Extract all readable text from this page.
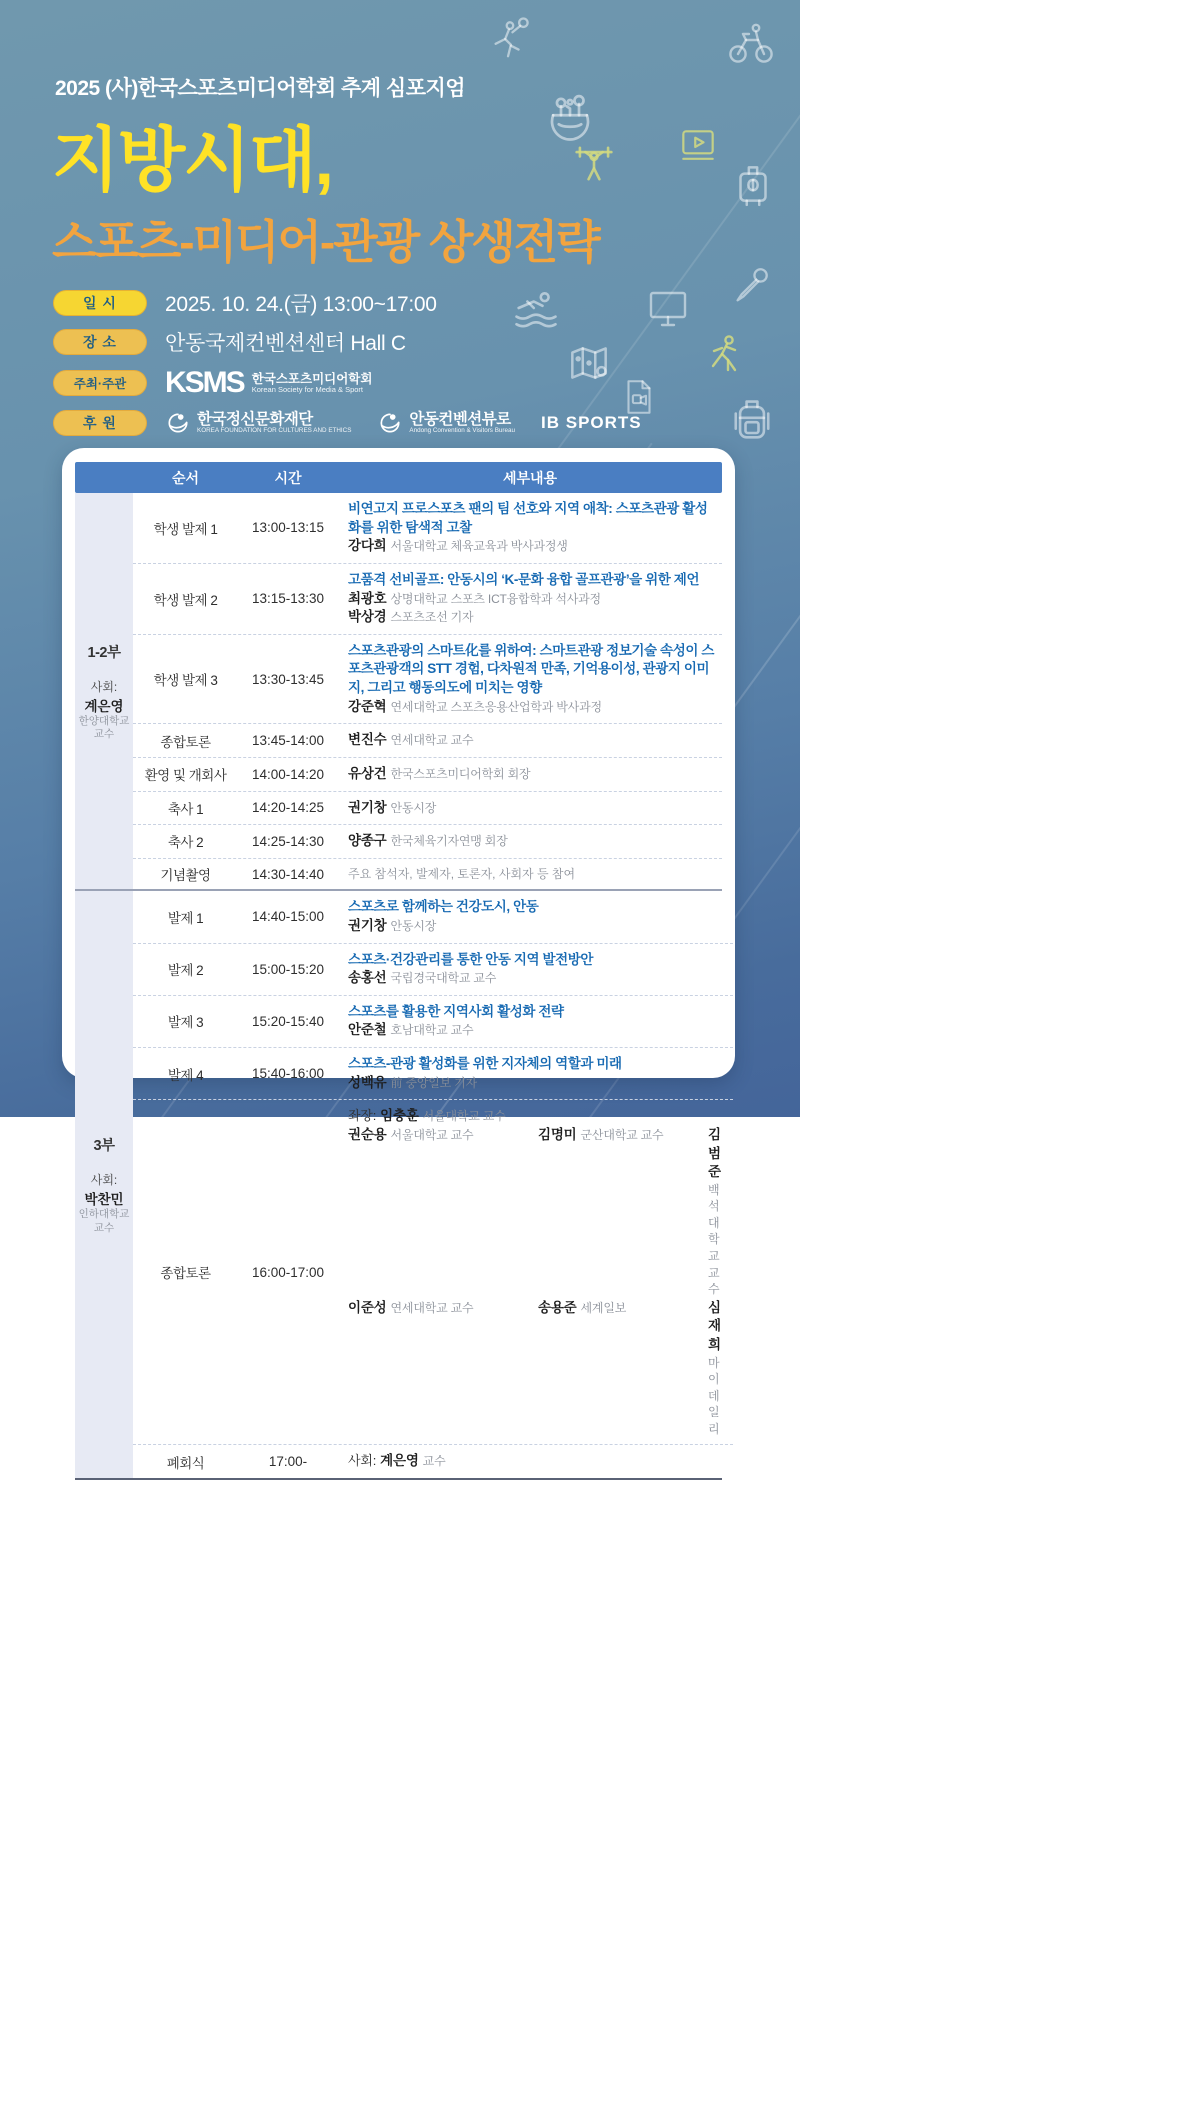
2025 (사)한국스포츠미디어학회 추계 심포지엄
지방시대,
스포츠-미디어-관광 상생전략
일 시	2025. 10. 24.(금) 13:00~17:00
장 소	안동국제컨벤션센터 Hall C
주최·주관	KSMS 한국스포츠미디어학회
Korean Society for Media & Sport
후 원	한국정신문화재단
KOREA FOUNDATION FOR CULTURES AND ETHICS
안동컨벤션뷰로
Andong Convention & Visitors Bureau IB SPORTS
순서	시간	세부내용
1-2부
사회:
계은영
한양대학교
교수
학생 발제 1	13:00-13:15
비연고지 프로스포츠 팬의 팀 선호와 지역 애착: 스포츠관광 활성화를 위한 탐색적 고찰
강다희 서울대학교 체육교육과 박사과정생
학생 발제 2	13:15-13:30
고품격 선비골프: 안동시의 ‘K-문화 융합 골프관광’을 위한 제언
최광호 상명대학교 스포츠 ICT융합학과 석사과정
박상경 스포츠조선 기자
학생 발제 3	13:30-13:45
스포츠관광의 스마트化를 위하여: 스마트관광 정보기술 속성이 스포츠관광객의 STT 경험, 다차원적 만족, 기억용이성, 관광지 이미지, 그리고 행동의도에 미치는 영향
강준혁 연세대학교 스포츠응용산업학과 박사과정
종합토론	13:45-14:00	변진수 연세대학교 교수
환영 및 개회사	14:00-14:20	유상건 한국스포츠미디어학회 회장
축사 1	14:20-14:25	권기창 안동시장
축사 2	14:25-14:30	양종구 한국체육기자연맹 회장
기념촬영	14:30-14:40	주요 참석자, 발제자, 토론자, 사회자 등 참여
3부
사회:
박찬민
인하대학교
교수
발제 1	14:40-15:00
스포츠로 함께하는 건강도시, 안동
권기창 안동시장
발제 2	15:00-15:20
스포츠·건강관리를 통한 안동 지역 발전방안
송홍선 국립경국대학교 교수
발제 3	15:20-15:40
스포츠를 활용한 지역사회 활성화 전략
안준철 호남대학교 교수
발제 4	15:40-16:00
스포츠-관광 활성화를 위한 지자체의 역할과 미래
성백유 前 중앙일보 기자
종합토론	16:00-17:00
좌장: 임충훈 서울대학교 교수
권순용 서울대학교 교수	김명미 군산대학교 교수	김범준백석대학교 교수
이준성 연세대학교 교수	송용준 세계일보	심재희마이데일리
폐회식	17:00-	사회: 계은영 교수
